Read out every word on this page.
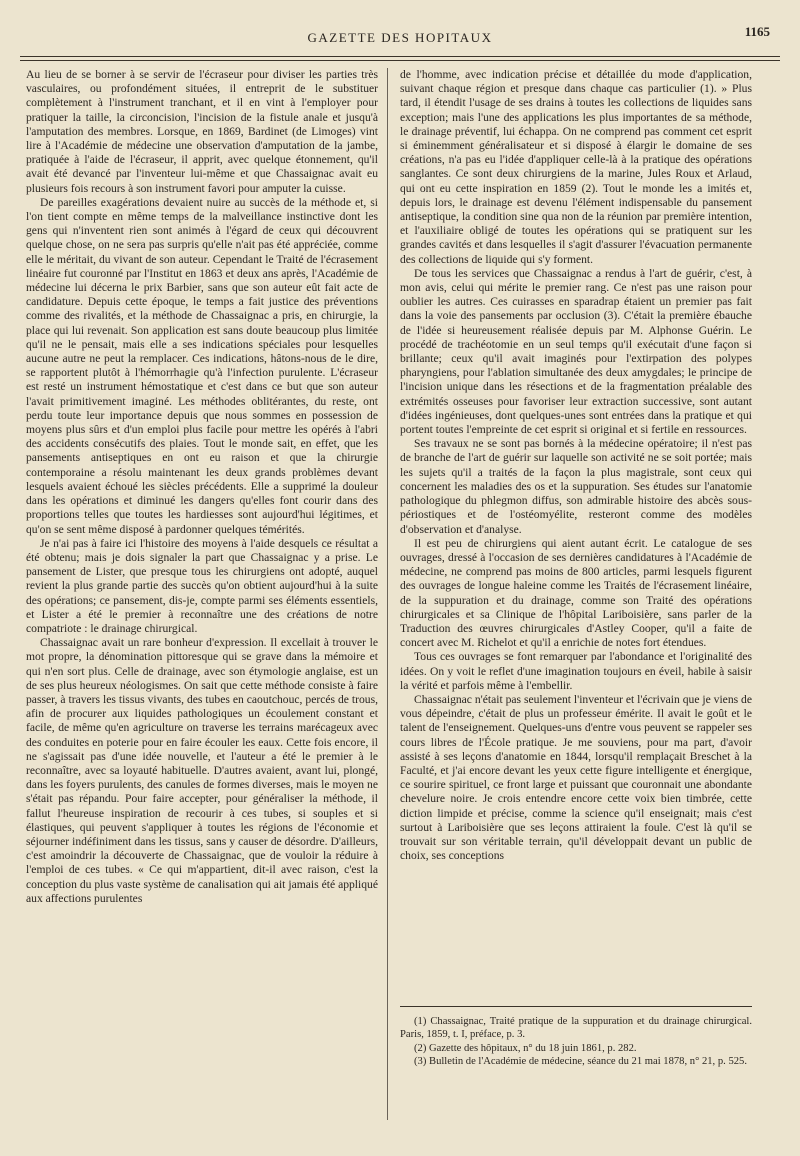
GAZETTE DES HOPITAUX	1165

Au lieu de se borner à se servir de l'écraseur pour diviser les parties très vasculaires, ou profondément situées, il entreprit de le substituer complètement à l'instrument tranchant, et il en vint à l'employer pour pratiquer la taille, la circoncision, l'incision de la fistule anale et jusqu'à l'amputation des membres. Lorsque, en 1869, Bardinet (de Limoges) vint lire à l'Académie de médecine une observation d'amputation de la jambe, pratiquée à l'aide de l'écraseur, il apprit, avec quelque étonnement, qu'il avait été devancé par l'inventeur lui-même et que Chassaignac avait eu plusieurs fois recours à son instrument favori pour amputer la cuisse.

De pareilles exagérations devaient nuire au succès de la méthode et, si l'on tient compte en même temps de la malveillance instinctive dont les gens qui n'inventent rien sont animés à l'égard de ceux qui découvrent quelque chose, on ne sera pas surpris qu'elle n'ait pas été appréciée, comme elle le méritait, du vivant de son auteur. Cependant le Traité de l'écrasement linéaire fut couronné par l'Institut en 1863 et deux ans après, l'Académie de médecine lui décerna le prix Barbier, sans que son auteur eût fait acte de candidature. Depuis cette époque, le temps a fait justice des préventions comme des rivalités, et la méthode de Chassaignac a pris, en chirurgie, la place qui lui revenait. Son application est sans doute beaucoup plus limitée qu'il ne le pensait, mais elle a ses indications spéciales pour lesquelles aucune autre ne peut la remplacer. Ces indications, hâtons-nous de le dire, se rapportent plutôt à l'hémorrhagie qu'à l'infection purulente. L'écraseur est resté un instrument hémostatique et c'est dans ce but que son auteur l'avait primitivement imaginé. Les méthodes oblitérantes, du reste, ont perdu toute leur importance depuis que nous sommes en possession de moyens plus sûrs et d'un emploi plus facile pour mettre les opérés à l'abri des accidents consécutifs des plaies. Tout le monde sait, en effet, que les pansements antiseptiques en ont eu raison et que la chirurgie contemporaine a résolu maintenant les deux grands problèmes devant lesquels avaient échoué les siècles précédents. Elle a supprimé la douleur dans les opérations et diminué les dangers qu'elles font courir dans des proportions telles que toutes les hardiesses sont aujourd'hui légitimes, et qu'on se sent même disposé à pardonner quelques témérités.

Je n'ai pas à faire ici l'histoire des moyens à l'aide desquels ce résultat a été obtenu; mais je dois signaler la part que Chassaignac y a prise. Le pansement de Lister, que presque tous les chirurgiens ont adopté, auquel revient la plus grande partie des succès qu'on obtient aujourd'hui à la suite des opérations; ce pansement, dis-je, compte parmi ses éléments essentiels, et Lister a été le premier à reconnaître une des créations de notre compatriote : le drainage chirurgical.

Chassaignac avait un rare bonheur d'expression. Il excellait à trouver le mot propre, la dénomination pittoresque qui se grave dans la mémoire et qui n'en sort plus. Celle de drainage, avec son étymologie anglaise, est un de ses plus heureux néologismes. On sait que cette méthode consiste à faire passer, à travers les tissus vivants, des tubes en caoutchouc, percés de trous, afin de procurer aux liquides pathologiques un écoulement constant et facile, de même qu'en agriculture on traverse les terrains marécageux avec des conduites en poterie pour en faire écouler les eaux. Cette fois encore, il ne s'agissait pas d'une idée nouvelle, et l'auteur a été le premier à le reconnaître, avec sa loyauté habituelle. D'autres avaient, avant lui, plongé, dans les foyers purulents, des canules de formes diverses, mais le moyen ne s'était pas répandu. Pour faire accepter, pour généraliser la méthode, il fallut l'heureuse inspiration de recourir à ces tubes, si souples et si élastiques, qui peuvent s'appliquer à toutes les régions de l'économie et séjourner indéfiniment dans les tissus, sans y causer de désordre. D'ailleurs, c'est amoindrir la découverte de Chassaignac, que de vouloir la réduire à l'emploi de ces tubes. « Ce qui m'appartient, dit-il avec raison, c'est la conception du plus vaste système de canalisation qui ait jamais été appliqué aux affections purulentes

de l'homme, avec indication précise et détaillée du mode d'application, suivant chaque région et presque dans chaque cas particulier (1). » Plus tard, il étendit l'usage de ses drains à toutes les collections de liquides sans exception; mais l'une des applications les plus importantes de sa méthode, le drainage préventif, lui échappa. On ne comprend pas comment cet esprit si éminemment généralisateur et si disposé à élargir le domaine de ses créations, n'a pas eu l'idée d'appliquer celle-là à la pratique des opérations sanglantes. Ce sont deux chirurgiens de la marine, Jules Roux et Arlaud, qui ont eu cette inspiration en 1859 (2). Tout le monde les a imités et, depuis lors, le drainage est devenu l'élément indispensable du pansement antiseptique, la condition sine qua non de la réunion par première intention, et l'auxiliaire obligé de toutes les opérations qui se pratiquent sur les grandes cavités et dans lesquelles il s'agit d'assurer l'évacuation permanente des collections de liquide qui s'y forment.

De tous les services que Chassaignac a rendus à l'art de guérir, c'est, à mon avis, celui qui mérite le premier rang. Ce n'est pas une raison pour oublier les autres. Ces cuirasses en sparadrap étaient un premier pas fait dans la voie des pansements par occlusion (3). C'était la première ébauche de l'idée si heureusement réalisée depuis par M. Alphonse Guérin. Le procédé de trachéotomie en un seul temps qu'il exécutait d'une façon si brillante; ceux qu'il avait imaginés pour l'extirpation des polypes pharyngiens, pour l'ablation simultanée des deux amygdales; le principe de l'incision unique dans les résections et de la fragmentation préalable des extrémités osseuses pour favoriser leur extraction successive, sont autant d'idées ingénieuses, dont quelques-unes sont entrées dans la pratique et qui portent toutes l'empreinte de cet esprit si original et si fertile en ressources.

Ses travaux ne se sont pas bornés à la médecine opératoire; il n'est pas de branche de l'art de guérir sur laquelle son activité ne se soit portée; mais les sujets qu'il a traités de la façon la plus magistrale, sont ceux qui concernent les maladies des os et la suppuration. Ses études sur l'anatomie pathologique du phlegmon diffus, son admirable histoire des abcès sous-périostiques et de l'ostéomyélite, resteront comme des modèles d'observation et d'analyse.

Il est peu de chirurgiens qui aient autant écrit. Le catalogue de ses ouvrages, dressé à l'occasion de ses dernières candidatures à l'Académie de médecine, ne comprend pas moins de 800 articles, parmi lesquels figurent des ouvrages de longue haleine comme les Traités de l'écrasement linéaire, de la suppuration et du drainage, comme son Traité des opérations chirurgicales et sa Clinique de l'hôpital Lariboisière, sans parler de la Traduction des œuvres chirurgicales d'Astley Cooper, qu'il a faite de concert avec M. Richelot et qu'il a enrichie de notes fort étendues.

Tous ces ouvrages se font remarquer par l'abondance et l'originalité des idées. On y voit le reflet d'une imagination toujours en éveil, habile à saisir la vérité et parfois même à l'embellir.

Chassaignac n'était pas seulement l'inventeur et l'écrivain que je viens de vous dépeindre, c'était de plus un professeur émérite. Il avait le goût et le talent de l'enseignement. Quelques-uns d'entre vous peuvent se rappeler ses cours libres de l'École pratique. Je me souviens, pour ma part, d'avoir assisté à ses leçons d'anatomie en 1844, lorsqu'il remplaçait Breschet à la Faculté, et j'ai encore devant les yeux cette figure intelligente et énergique, ce sourire spirituel, ce front large et puissant que couronnait une abondante chevelure noire. Je crois entendre encore cette voix bien timbrée, cette diction limpide et précise, comme la science qu'il enseignait; mais c'est surtout à Lariboisière que ses leçons attiraient la foule. C'est là qu'il se trouvait sur son véritable terrain, qu'il développait devant un public de choix, ses conceptions

(1) Chassaignac, Traité pratique de la suppuration et du drainage chirurgical. Paris, 1859, t. I, préface, p. 3.

(2) Gazette des hôpitaux, n° du 18 juin 1861, p. 282.

(3) Bulletin de l'Académie de médecine, séance du 21 mai 1878, n° 21, p. 525.
